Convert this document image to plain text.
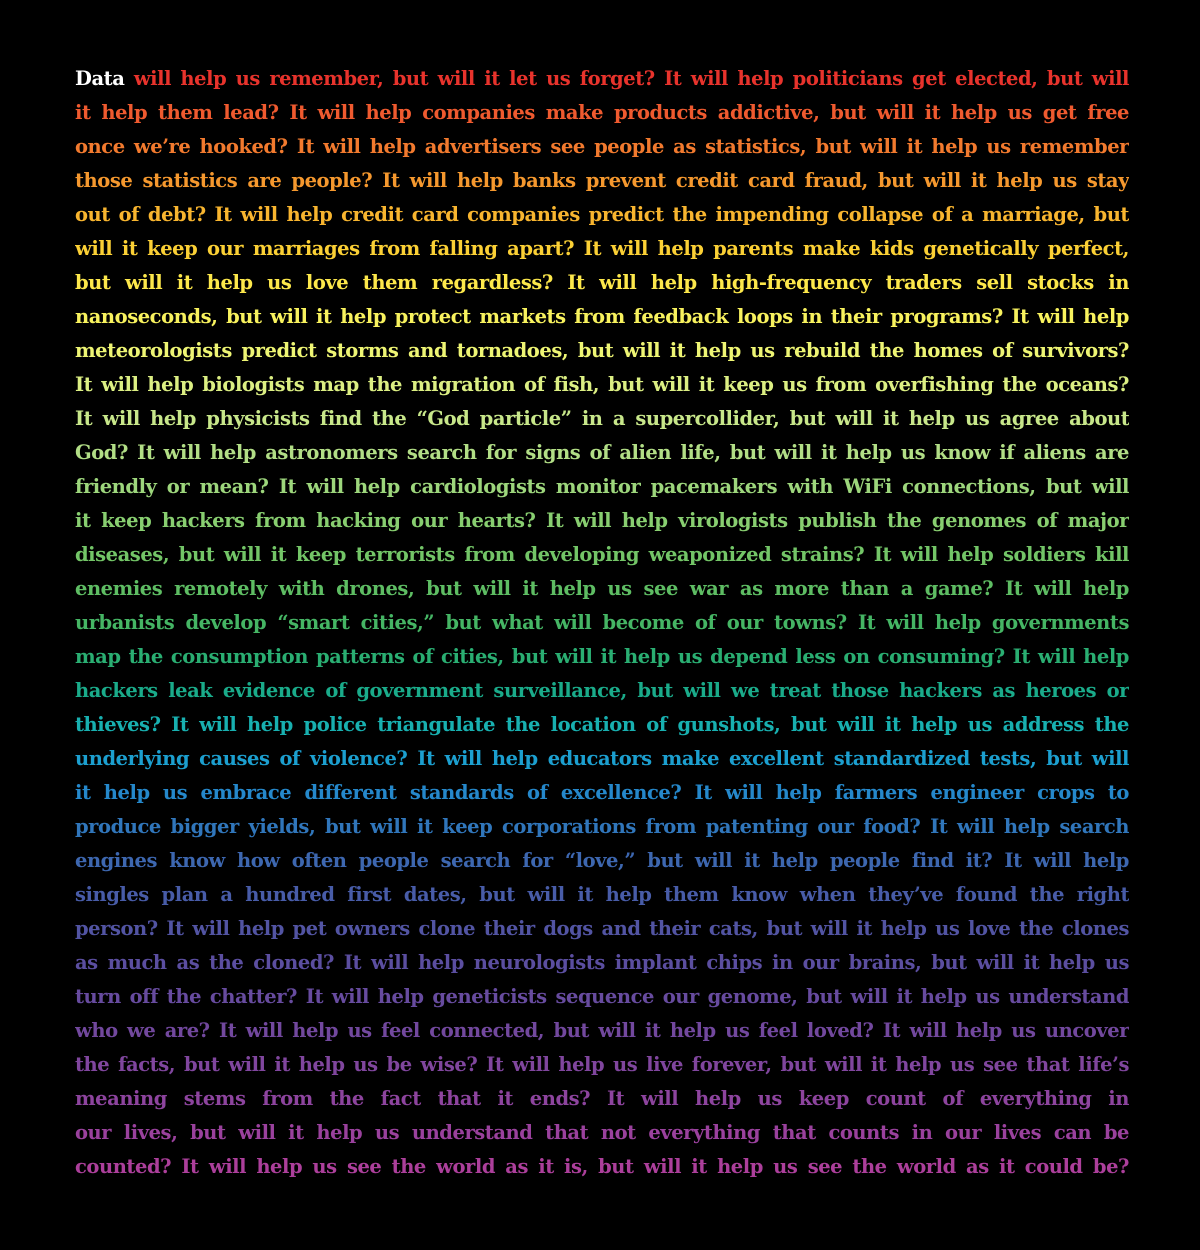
Data will help us remember, but will it let us forget? It will help politicians get elected, but will
it help them lead? It will help companies make products addictive, but will it help us get free
once we’re hooked? It will help advertisers see people as statistics, but will it help us remember
those statistics are people? It will help banks prevent credit card fraud, but will it help us stay
out of debt? It will help credit card companies predict the impending collapse of a marriage, but
will it keep our marriages from falling apart? It will help parents make kids genetically perfect,
but will it help us love them regardless? It will help high-frequency traders sell stocks in
nanoseconds, but will it help protect markets from feedback loops in their programs? It will help
meteorologists predict storms and tornadoes, but will it help us rebuild the homes of survivors?
It will help biologists map the migration of fish, but will it keep us from overfishing the oceans?
It will help physicists find the “God particle” in a supercollider, but will it help us agree about
God? It will help astronomers search for signs of alien life, but will it help us know if aliens are
friendly or mean? It will help cardiologists monitor pacemakers with WiFi connections, but will
it keep hackers from hacking our hearts? It will help virologists publish the genomes of major
diseases, but will it keep terrorists from developing weaponized strains? It will help soldiers kill
enemies remotely with drones, but will it help us see war as more than a game? It will help
urbanists develop “smart cities,” but what will become of our towns? It will help governments
map the consumption patterns of cities, but will it help us depend less on consuming? It will help
hackers leak evidence of government surveillance, but will we treat those hackers as heroes or
thieves? It will help police triangulate the location of gunshots, but will it help us address the
underlying causes of violence? It will help educators make excellent standardized tests, but will
it help us embrace different standards of excellence? It will help farmers engineer crops to
produce bigger yields, but will it keep corporations from patenting our food? It will help search
engines know how often people search for “love,” but will it help people find it? It will help
singles plan a hundred first dates, but will it help them know when they’ve found the right
person? It will help pet owners clone their dogs and their cats, but will it help us love the clones
as much as the cloned? It will help neurologists implant chips in our brains, but will it help us
turn off the chatter? It will help geneticists sequence our genome, but will it help us understand
who we are? It will help us feel connected, but will it help us feel loved? It will help us uncover
the facts, but will it help us be wise? It will help us live forever, but will it help us see that life’s
meaning stems from the fact that it ends? It will help us keep count of everything in
our lives, but will it help us understand that not everything that counts in our lives can be
counted? It will help us see the world as it is, but will it help us see the world as it could be?
